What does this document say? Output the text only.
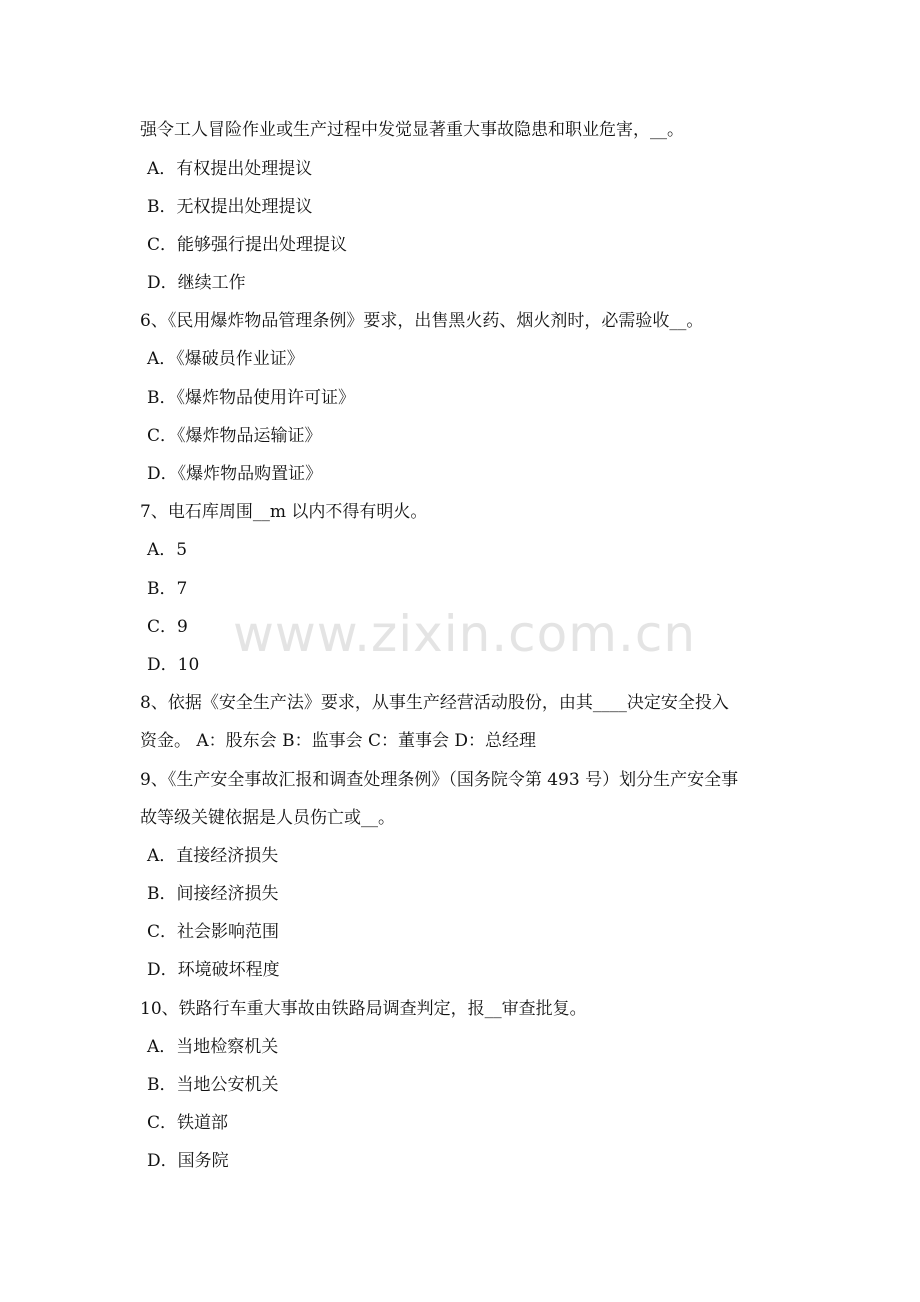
www.zixin.com.cn
强令工人冒险作业或生产过程中发觉显著重大事故隐患和职业危害，__。
A．有权提出处理提议
B．无权提出处理提议
C．能够强行提出处理提议
D．继续工作
6、《民用爆炸物品管理条例》要求，出售黑火药、烟火剂时，必需验收__。
A．《爆破员作业证》
B．《爆炸物品使用许可证》
C．《爆炸物品运输证》
D．《爆炸物品购置证》
7、电石库周围__m 以内不得有明火。
A．5
B．7
C．9
D．10
8、依据《安全生产法》要求，从事生产经营活动股份，由其____决定安全投入
资金。 A：股东会 B：监事会 C：董事会 D：总经理
9、《生产安全事故汇报和调查处理条例》（国务院令第 493 号）划分生产安全事
故等级关键依据是人员伤亡或__。
A．直接经济损失
B．间接经济损失
C．社会影响范围
D．环境破坏程度
10、铁路行车重大事故由铁路局调查判定，报__审查批复。
A．当地检察机关
B．当地公安机关
C．铁道部
D．国务院
